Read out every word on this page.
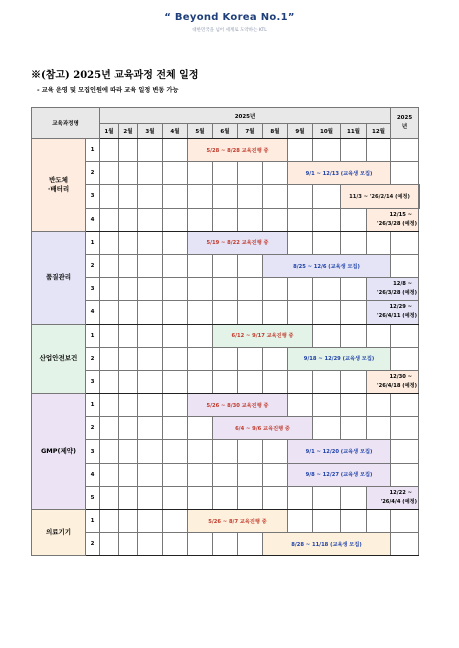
“ Beyond Korea No.1”
대한민국을 넘어 세계로 도약하는 KTL
※(참고) 2025년 교육과정 전체 일정
- 교육 운영 및 모집인원에 따라 교육 일정 변동 가능
교육과정명		2025년												2025
년	

		1월	2월	3월	4월	5월	6월	7월	8월	9월	10월	11월	12월		

반도체
·배터리	1					5/28 ~ 8/28 교육진행 중									
	2									9/1 ~ 12/13 (교육생 모집)					
	3											11/3 ~ '26/2/14 (예정)			
	4												12/15 ~
'26/3/28 (예정)		

품질관리	1					5/19 ~ 8/22 교육진행 중									
	2								8/25 ~ 12/6 (교육생 모집)						
	3												12/8 ~
'26/3/28 (예정)		

	4												12/29 ~
'26/4/11 (예정)		

산업안전보건	1						6/12 ~ 9/17 교육진행 중								
	2									9/18 ~ 12/29 (교육생 모집)					
	3												12/30 ~
'26/4/18 (예정)		

GMP(제약)	1					5/26 ~ 8/30 교육진행 중									
	2						6/4 ~ 9/6 교육진행 중								
	3									9/1 ~ 12/20 (교육생 모집)					
	4									9/8 ~ 12/27 (교육생 모집)					
	5												12/22 ~
'26/4/4 (예정)		

의료기기	1					5/26 ~ 8/7 교육진행 중									
	2								8/28 ~ 11/18 (교육생 모집)						
